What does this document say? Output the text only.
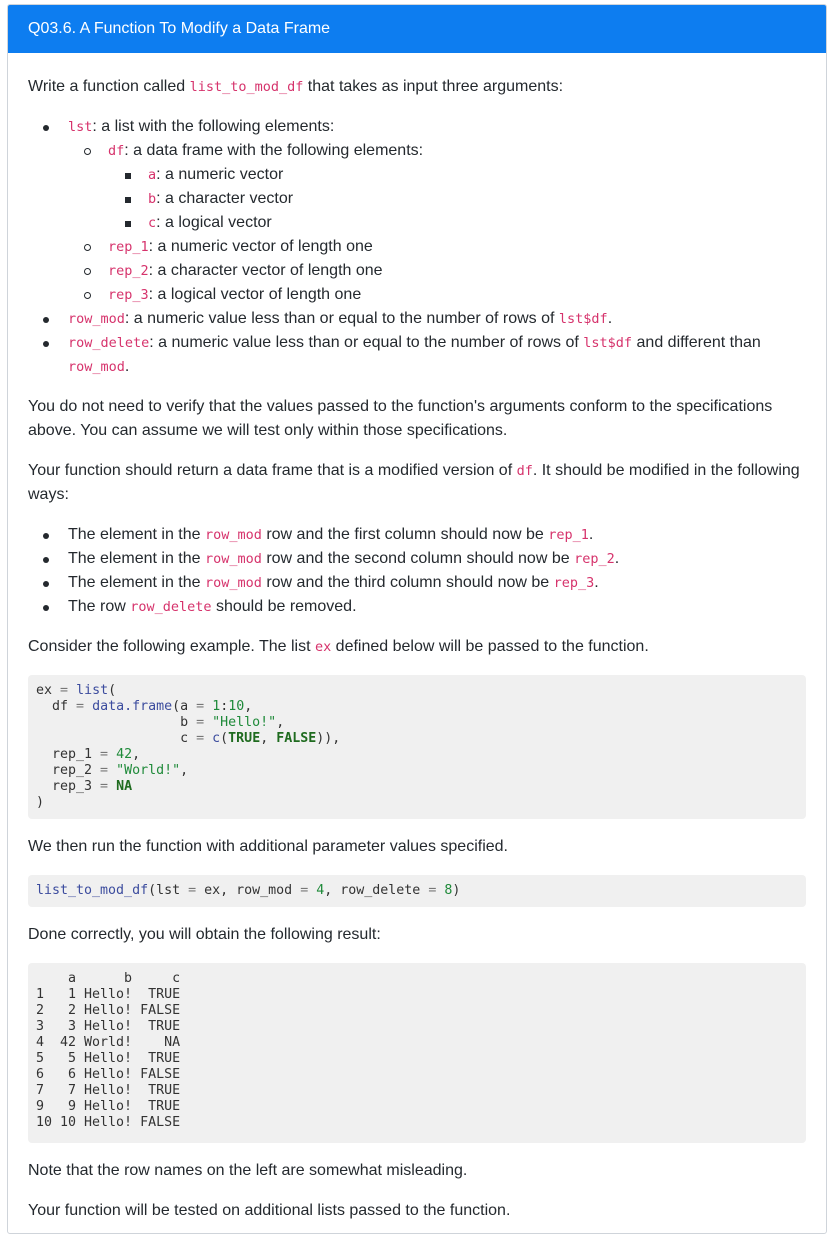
Q03.6. A Function To Modify a Data Frame

Write a function called list_to_mod_df that takes as input three arguments:

lst: a list with the following elements:
df: a data frame with the following elements:
a: a numeric vector
b: a character vector
c: a logical vector
rep_1: a numeric vector of length one
rep_2: a character vector of length one
rep_3: a logical vector of length one
row_mod: a numeric value less than or equal to the number of rows of lst$df.
row_delete: a numeric value less than or equal to the number of rows of lst$df and different than row_mod.

You do not need to verify that the values passed to the function's arguments conform to the specifications above. You can assume we will test only within those specifications.

Your function should return a data frame that is a modified version of df. It should be modified in the following ways:

The element in the row_mod row and the first column should now be rep_1.
The element in the row_mod row and the second column should now be rep_2.
The element in the row_mod row and the third column should now be rep_3.
The row row_delete should be removed.

Consider the following example. The list ex defined below will be passed to the function.

ex = list(
df = data.frame(a = 1:10,
b = "Hello!",
c = c(TRUE, FALSE)),
rep_1 = 42,
rep_2 = "World!",
rep_3 = NA
)

We then run the function with additional parameter values specified.

list_to_mod_df(lst = ex, row_mod = 4, row_delete = 8)

Done correctly, you will obtain the following result:

a      b     c
1   1 Hello!  TRUE
2   2 Hello! FALSE
3   3 Hello!  TRUE
4  42 World!    NA
5   5 Hello!  TRUE
6   6 Hello! FALSE
7   7 Hello!  TRUE
9   9 Hello!  TRUE
10 10 Hello! FALSE

Note that the row names on the left are somewhat misleading.

Your function will be tested on additional lists passed to the function.
